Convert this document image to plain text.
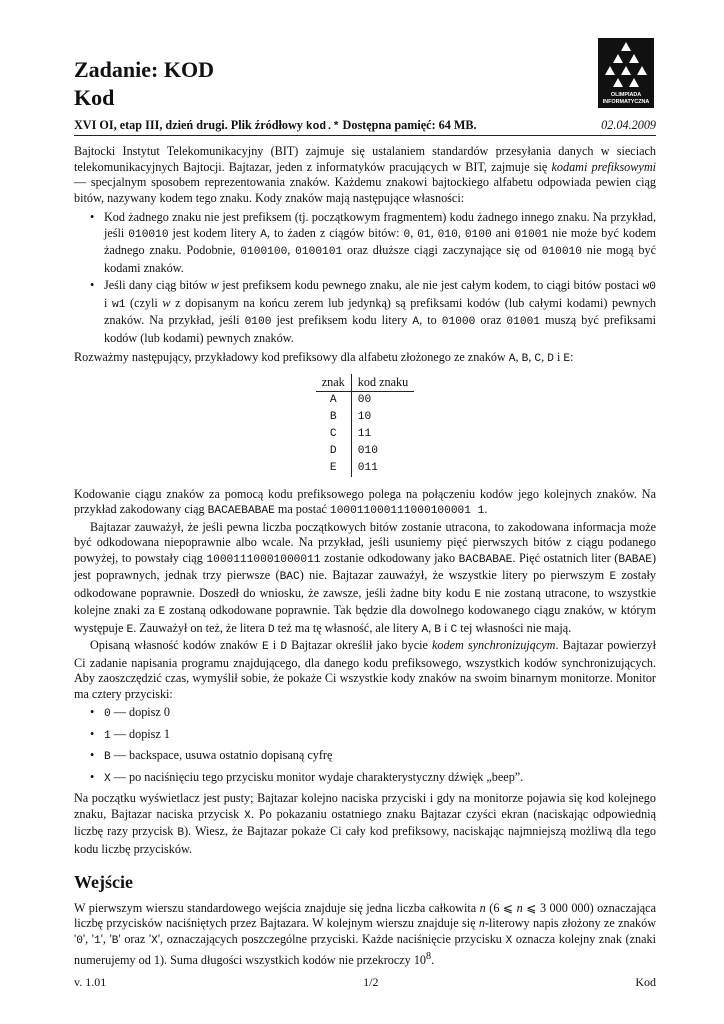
Zadanie: KOD
Kod	OLIMPIADA
INFORMATYCZNA
XVI OI, etap III, dzień drugi. Plik źródłowy kod.* Dostępna pamięć: 64 MB.	02.04.2009

Bajtocki Instytut Telekomunikacyjny (BIT) zajmuje się ustalaniem standardów przesyłania danych w sieciach telekomunikacyjnych Bajtocji. Bajtazar, jeden z informatyków pracujących w BIT, zajmuje się kodami prefiksowymi — specjalnym sposobem reprezentowania znaków. Każdemu znakowi bajtockiego alfabetu odpowiada pewien ciąg bitów, nazywany kodem tego znaku. Kody znaków mają następujące własności:

• Kod żadnego znaku nie jest prefiksem (tj. początkowym fragmentem) kodu żadnego innego znaku. Na przykład, jeśli 010010 jest kodem litery A, to żaden z ciągów bitów: 0, 01, 010, 0100 ani 01001 nie może być kodem żadnego znaku. Podobnie, 0100100, 0100101 oraz dłuższe ciągi zaczynające się od 010010 nie mogą być kodami znaków.
• Jeśli dany ciąg bitów w jest prefiksem kodu pewnego znaku, ale nie jest całym kodem, to ciągi bitów postaci w0 i w1 (czyli w z dopisanym na końcu zerem lub jedynką) są prefiksami kodów (lub całymi kodami) pewnych znaków. Na przykład, jeśli 0100 jest prefiksem kodu litery A, to 01000 oraz 01001 muszą być prefiksami kodów (lub kodami) pewnych znaków.

Rozważmy następujący, przykładowy kod prefiksowy dla alfabetu złożonego ze znaków A, B, C, D i E:

znak	kod znaku
A	00
B	10
C	11
D	010
E	011

Kodowanie ciągu znaków za pomocą kodu prefiksowego polega na połączeniu kodów jego kolejnych znaków. Na przykład zakodowany ciąg BACAEBABAE ma postać 100011000111000100001 1.

Bajtazar zauważył, że jeśli pewna liczba początkowych bitów zostanie utracona, to zakodowana informacja może być odkodowana niepoprawnie albo wcale. Na przykład, jeśli usuniemy pięć pierwszych bitów z ciągu podanego powyżej, to powstały ciąg 10001110001000011 zostanie odkodowany jako BACBABAE. Pięć ostatnich liter (BABAE) jest poprawnych, jednak trzy pierwsze (BAC) nie. Bajtazar zauważył, że wszystkie litery po pierwszym E zostały odkodowane poprawnie. Doszedł do wniosku, że zawsze, jeśli żadne bity kodu E nie zostaną utracone, to wszystkie kolejne znaki za E zostaną odkodowane poprawnie. Tak będzie dla dowolnego kodowanego ciągu znaków, w którym występuje E. Zauważył on też, że litera D też ma tę własność, ale litery A, B i C tej własności nie mają.

Opisaną własność kodów znaków E i D Bajtazar określił jako bycie kodem synchronizującym. Bajtazar powierzył Ci zadanie napisania programu znajdującego, dla danego kodu prefiksowego, wszystkich kodów synchronizujących. Aby zaoszczędzić czas, wymyślił sobie, że pokaże Ci wszystkie kody znaków na swoim binarnym monitorze. Monitor ma cztery przyciski:

• 0 — dopisz 0
• 1 — dopisz 1
• B — backspace, usuwa ostatnio dopisaną cyfrę
• X — po naciśnięciu tego przycisku monitor wydaje charakterystyczny dźwięk „beep”.

Na początku wyświetlacz jest pusty; Bajtazar kolejno naciska przyciski i gdy na monitorze pojawia się kod kolejnego znaku, Bajtazar naciska przycisk X. Po pokazaniu ostatniego znaku Bajtazar czyści ekran (naciskając odpowiednią liczbę razy przycisk B). Wiesz, że Bajtazar pokaże Ci cały kod prefiksowy, naciskając najmniejszą możliwą dla tego kodu liczbę przycisków.

Wejście

W pierwszym wierszu standardowego wejścia znajduje się jedna liczba całkowita n (6 ⩽ n ⩽ 3 000 000) oznaczająca liczbę przycisków naciśniętych przez Bajtazara. W kolejnym wierszu znajduje się n-literowy napis złożony ze znaków '0', '1', 'B' oraz 'X', oznaczających poszczególne przyciski. Każde naciśnięcie przycisku X oznacza kolejny znak (znaki numerujemy od 1). Suma długości wszystkich kodów nie przekroczy $10^8$.

v. 1.01	1/2	Kod
